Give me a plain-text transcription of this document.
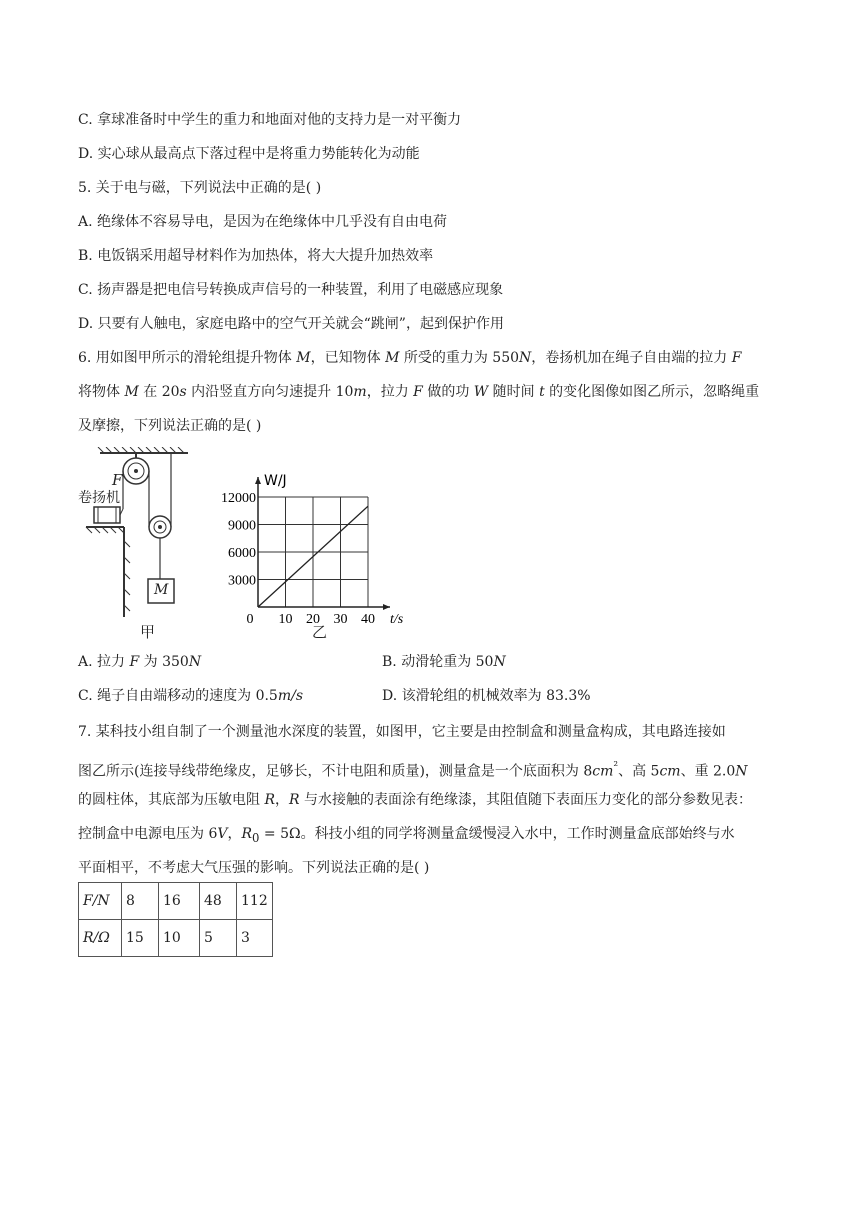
C. 拿球准备时中学生的重力和地面对他的支持力是一对平衡力
D. 实心球从最高点下落过程中是将重力势能转化为动能
5. 关于电与磁，下列说法中正确的是( )
A. 绝缘体不容易导电，是因为在绝缘体中几乎没有自由电荷
B. 电饭锅采用超导材料作为加热体，将大大提升加热效率
C. 扬声器是把电信号转换成声信号的一种装置，利用了电磁感应现象
D. 只要有人触电，家庭电路中的空气开关就会“跳闸”，起到保护作用
6. 用如图甲所示的滑轮组提升物体 M，已知物体 M 所受的重力为 550N，卷扬机加在绳子自由端的拉力 F
将物体 M 在 20s 内沿竖直方向匀速提升 10m，拉力 F 做的功 W 随时间 t 的变化图像如图乙所示，忽略绳重
及摩擦，下列说法正确的是( )
卷扬机
F
M
甲
0 10 20 30 40
3000
6000
9000
12000
t/s
W/J
乙
A. 拉力 F 为 350N	B. 动滑轮重为 50N
C. 绳子自由端移动的速度为 0.5m/s	D. 该滑轮组的机械效率为 83.3%
7. 某科技小组自制了一个测量池水深度的装置，如图甲，它主要是由控制盒和测量盒构成，其电路连接如
图乙所示(连接导线带绝缘皮，足够长，不计电阻和质量)，测量盒是一个底面积为 $8cm^{^2}$、高 5cm、重 2.0N
的圆柱体，其底部为压敏电阻 R，R 与水接触的表面涂有绝缘漆，其阻值随下表面压力变化的部分参数见表：
控制盒中电源电压为 6V，$R_0 = 5\Omega$。科技小组的同学将测量盒缓慢浸入水中，工作时测量盒底部始终与水
平面相平，不考虑大气压强的影响。下列说法正确的是( )
F/N	8	16	48	112
R/Ω	15	10	5	3
